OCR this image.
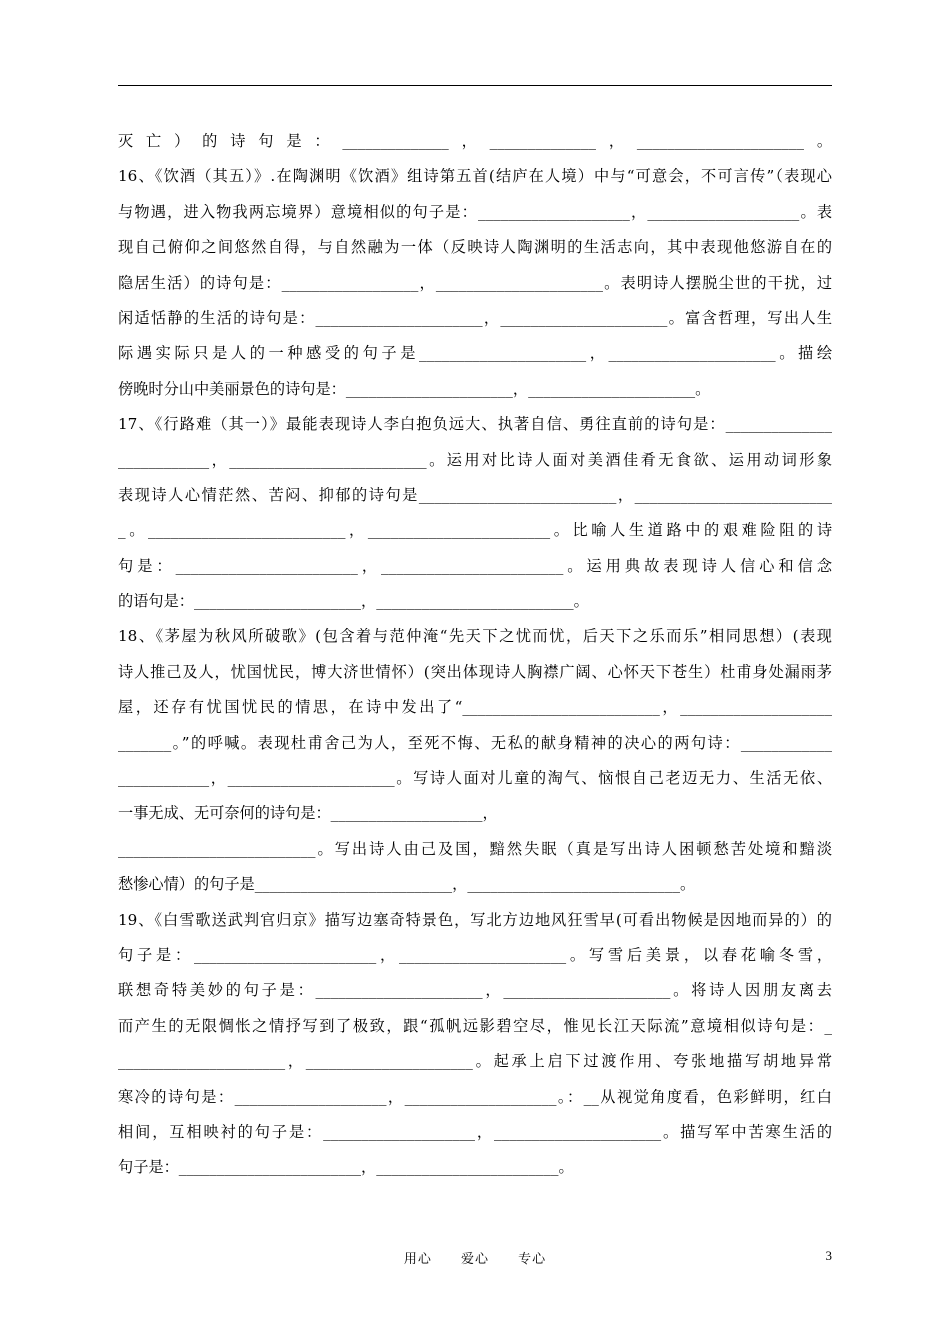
灭亡）的诗句是：______________，______________，______________________。
16、《饮酒（其五）》.在陶渊明《饮酒》组诗第五首(结庐在人境）中与“可意会，不可言传”（表现心
与物遇，进入物我两忘境界）意境相似的句子是：____________________，____________________。表
现自己俯仰之间悠然自得，与自然融为一体（反映诗人陶渊明的生活志向，其中表现他悠游自在的
隐居生活）的诗句是：__________________，______________________。表明诗人摆脱尘世的干扰，过
闲适恬静的生活的诗句是：______________________，______________________。富含哲理，写出人生
际遇实际只是人的一种感受的句子是______________________，______________________。描绘
傍晚时分山中美丽景色的诗句是：______________________，______________________。
17、《行路难（其一）》最能表现诗人李白抱负远大、执著自信、勇往直前的诗句是：______________
____________，__________________________。运用对比诗人面对美酒佳肴无食欲、运用动词形象
表现诗人心情茫然、苦闷、抑郁的诗句是__________________________，__________________________
_。__________________________，________________________。比喻人生道路中的艰难险阻的诗
句是：________________________，________________________。运用典故表现诗人信心和信念
的语句是：______________________，__________________________。
18、《茅屋为秋风所破歌》(包含着与范仲淹“先天下之忧而忧，后天下之乐而乐”相同思想）(表现
诗人推己及人，忧国忧民，博大济世情怀）(突出体现诗人胸襟广阔、心怀天下苍生）杜甫身处漏雨茅
屋，还存有忧国忧民的情思，在诗中发出了“__________________________，____________________
_______。”的呼喊。表现杜甫舍己为人，至死不悔、无私的献身精神的决心的两句诗：____________
____________，______________________。写诗人面对儿童的淘气、恼恨自己老迈无力、生活无依、
一事无成、无可奈何的诗句是：____________________，
__________________________。写出诗人由己及国，黯然失眠（真是写出诗人困顿愁苦处境和黯淡
愁惨心情）的句子是__________________________，____________________________。
19、《白雪歌送武判官归京》描写边塞奇特景色，写北方边地风狂雪早(可看出物候是因地而异的）的
句子是：________________________，______________________。写雪后美景，以春花喻冬雪，
联想奇特美妙的句子是：______________________，______________________。将诗人因朋友离去
而产生的无限惆怅之情抒写到了极致，跟“孤帆远影碧空尽，惟见长江天际流”意境相似诗句是：_
______________________，______________________。起承上启下过渡作用、夸张地描写胡地异常
寒冷的诗句是：____________________，____________________。：__从视觉角度看，色彩鲜明，红白
相间，互相映衬的句子是：____________________，______________________。描写军中苦寒生活的
句子是：________________________，________________________。
用心 爱心 专心	3
